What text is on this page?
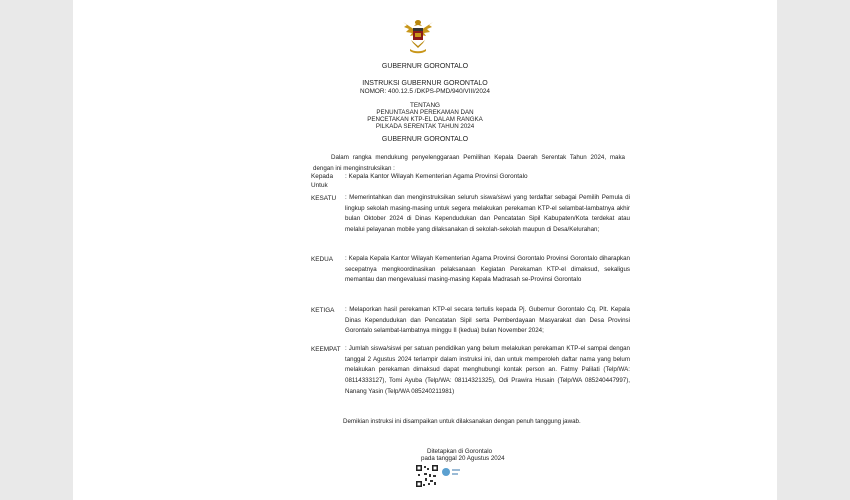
GUBERNUR GORONTALO
INSTRUKSI GUBERNUR GORONTALO
NOMOR: 400.12.5 /DKPS-PMD/940/VIII/2024
TENTANG
PENUNTASAN PEREKAMAN DAN
PENCETAKAN KTP-EL DALAM RANGKA
PILKADA SERENTAK TAHUN 2024
GUBERNUR GORONTALO
Dalam rangka mendukung penyelenggaraan Pemilihan Kepala Daerah Serentak Tahun 2024, maka dengan ini menginstruksikan :
Kepada
Untuk
: Kepala Kantor Wilayah Kementerian Agama Provinsi Gorontalo
KESATU : Memerintahkan dan menginstruksikan seluruh siswa/siswi yang terdaftar sebagai Pemilih Pemula di lingkup sekolah masing-masing untuk segera melakukan perekaman KTP-el selambat-lambatnya akhir bulan Oktober 2024 di Dinas Kependudukan dan Pencatatan Sipil Kabupaten/Kota terdekat atau melalui pelayanan mobile yang dilaksanakan di sekolah-sekolah maupun di Desa/Kelurahan;
KEDUA : Kepala Kepala Kantor Wilayah Kementerian Agama Provinsi Gorontalo Provinsi Gorontalo diharapkan secepatnya mengkoordinasikan pelaksanaan Kegiatan Perekaman KTP-el dimaksud, sekaligus memantau dan mengevaluasi masing-masing Kepala Madrasah se-Provinsi Gorontalo
KETIGA : Melaporkan hasil perekaman KTP-el secara tertulis kepada Pj. Gubernur Gorontalo Cq. Plt. Kepala Dinas Kependudukan dan Pencatatan Sipil serta Pemberdayaan Masyarakat dan Desa Provinsi Gorontalo selambat-lambatnya minggu II (kedua) bulan November 2024;
KEEMPAT : Jumlah siswa/siswi per satuan pendidikan yang belum melakukan perekaman KTP-el sampai dengan tanggal 2 Agustus 2024 terlampir dalam instruksi ini, dan untuk memperoleh daftar nama yang belum melakukan perekaman dimaksud dapat menghubungi kontak person an. Fatmy Palilati (Telp/WA: 08114333127), Tomi Ayuba (Telp/WA: 08114321325), Odi Prawira Husain (Telp/WA 085240447997), Nanang Yasin (Telp/WA 085240211981)
Demikian instruksi ini disampaikan untuk dilaksanakan dengan penuh tanggung jawab.
Ditetapkan di Gorontalo
pada tanggal 20 Agustus 2024
